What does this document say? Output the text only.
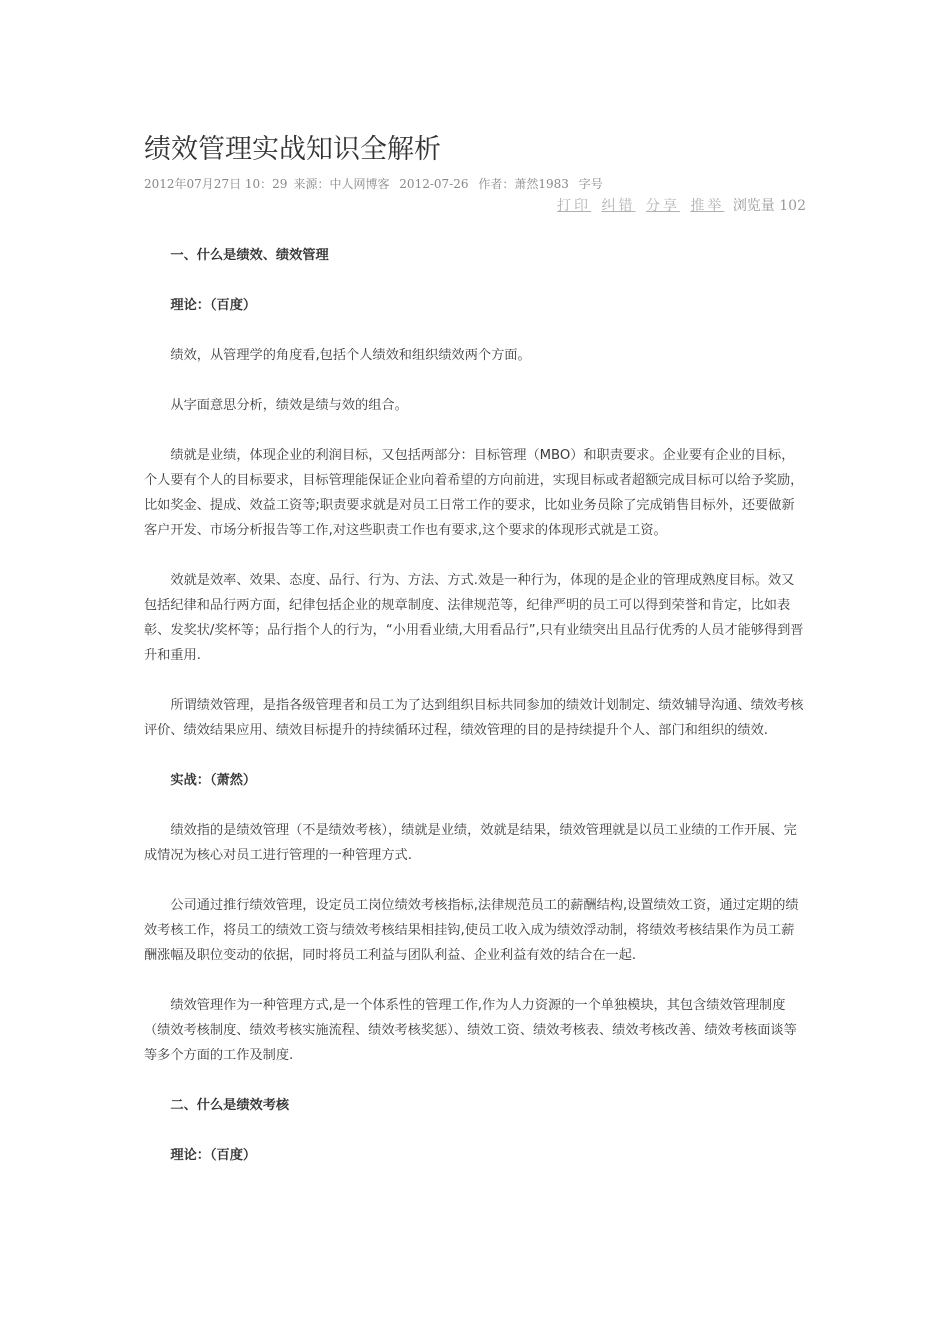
绩效管理实战知识全解析
2012年07月27日 10：29 来源：中人网博客 2012-07-26 作者：萧然1983 字号
打印 纠错 分享 推举 浏览量 102

一、什么是绩效、绩效管理

理论：（百度）

绩效，从管理学的角度看,包括个人绩效和组织绩效两个方面。

从字面意思分析，绩效是绩与效的组合。

绩就是业绩，体现企业的利润目标，又包括两部分：目标管理（MBO）和职责要求。企业要有企业的目标，个人要有个人的目标要求，目标管理能保证企业向着希望的方向前进，实现目标或者超额完成目标可以给予奖励，比如奖金、提成、效益工资等;职责要求就是对员工日常工作的要求，比如业务员除了完成销售目标外，还要做新客户开发、市场分析报告等工作,对这些职责工作也有要求,这个要求的体现形式就是工资。

效就是效率、效果、态度、品行、行为、方法、方式.效是一种行为，体现的是企业的管理成熟度目标。效又包括纪律和品行两方面，纪律包括企业的规章制度、法律规范等，纪律严明的员工可以得到荣誉和肯定，比如表彰、发奖状/奖杯等；品行指个人的行为，“小用看业绩,大用看品行”,只有业绩突出且品行优秀的人员才能够得到晋升和重用.

所谓绩效管理，是指各级管理者和员工为了达到组织目标共同参加的绩效计划制定、绩效辅导沟通、绩效考核评价、绩效结果应用、绩效目标提升的持续循环过程，绩效管理的目的是持续提升个人、部门和组织的绩效.

实战：（萧然）

绩效指的是绩效管理（不是绩效考核），绩就是业绩，效就是结果，绩效管理就是以员工业绩的工作开展、完成情况为核心对员工进行管理的一种管理方式.

公司通过推行绩效管理，设定员工岗位绩效考核指标,法律规范员工的薪酬结构,设置绩效工资，通过定期的绩效考核工作，将员工的绩效工资与绩效考核结果相挂钩,使员工收入成为绩效浮动制，将绩效考核结果作为员工薪酬涨幅及职位变动的依据，同时将员工利益与团队利益、企业利益有效的结合在一起.

绩效管理作为一种管理方式,是一个体系性的管理工作,作为人力资源的一个单独模块，其包含绩效管理制度（绩效考核制度、绩效考核实施流程、绩效考核奖惩）、绩效工资、绩效考核表、绩效考核改善、绩效考核面谈等等多个方面的工作及制度.

二、什么是绩效考核

理论：（百度）
